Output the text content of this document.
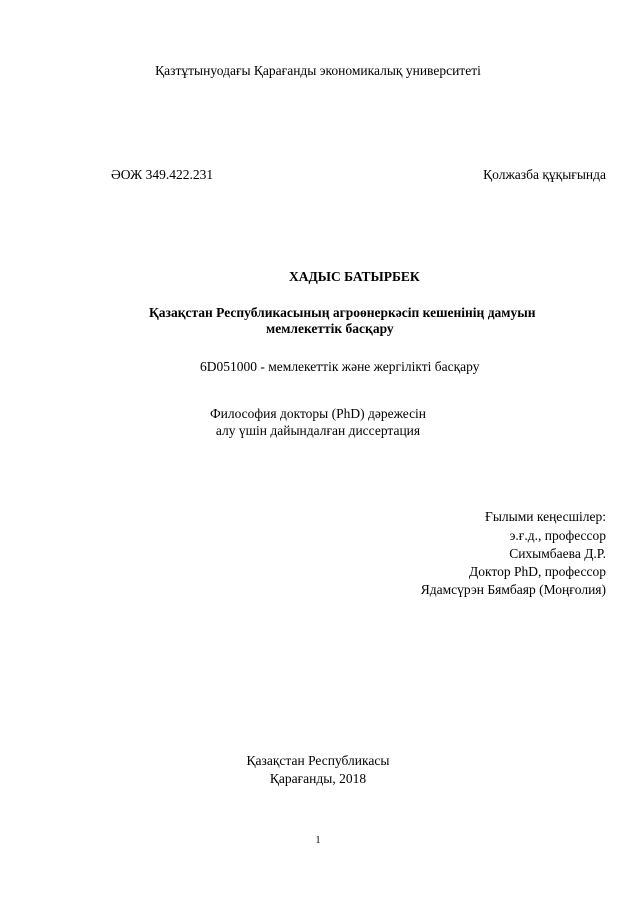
Қазтұтынуодағы Қарағанды экономикалық университеті
ӘОЖ 349.422.231	Қолжазба құқығында
ХАДЫС БАТЫРБЕК
Қазақстан Республикасының агроөнеркәсіп кешенінің дамуын
мемлекеттік басқару
6D051000 - мемлекеттік және жергілікті басқару
Философия докторы (PhD) дәрежесін
алу үшін дайындалған диссертация
Ғылыми кеңесшілер:
э.ғ.д., профессор
Сихымбаева Д.Р.
Доктор PhD, профессор
Ядамсүрэн Бямбаяр (Моңғолия)
Қазақстан Республикасы
Қарағанды, 2018
1
